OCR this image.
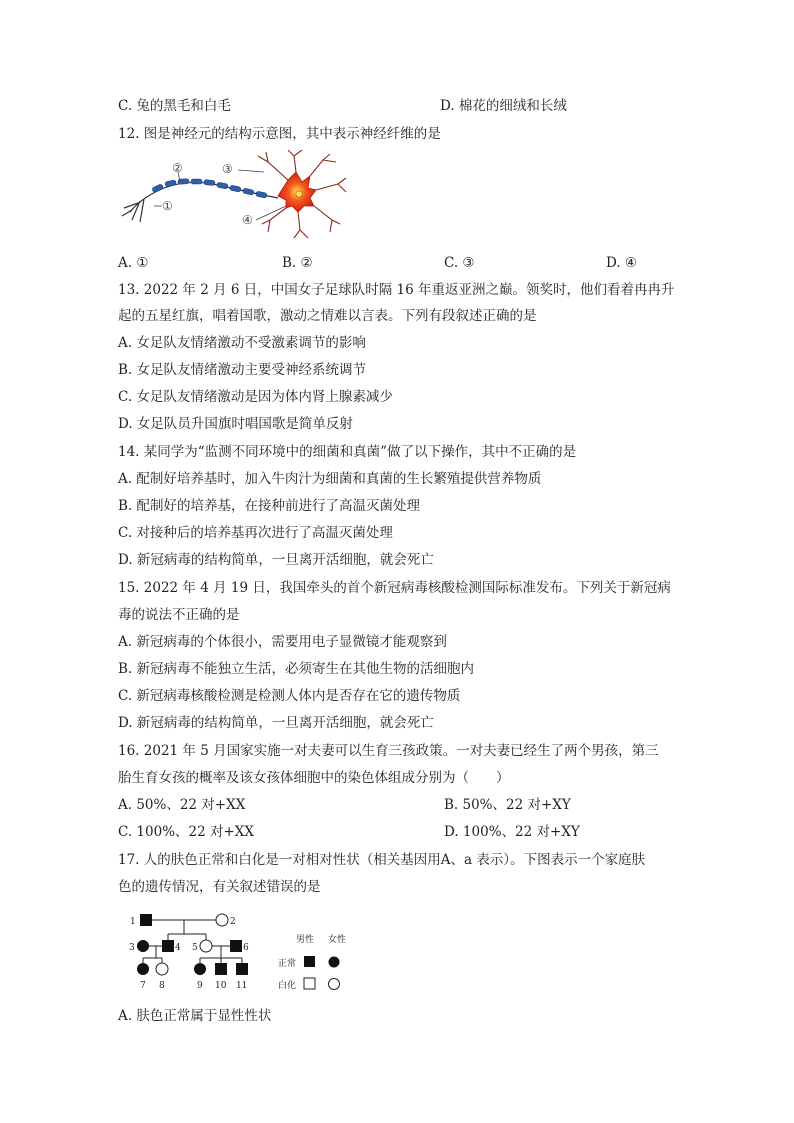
C. 兔的黑毛和白毛	D. 棉花的细绒和长绒
12. 图是神经元的结构示意图，其中表示神经纤维的是
①
②	③
④
A. ①	B. ②	C. ③	D. ④
13. 2022 年 2 月 6 日，中国女子足球队时隔 16 年重返亚洲之巅。领奖时，他们看着冉冉升
起的五星红旗，唱着国歌，激动之情难以言表。下列有段叙述正确的是
A. 女足队友情绪激动不受激素调节的影响
B. 女足队友情绪激动主要受神经系统调节
C. 女足队友情绪激动是因为体内肾上腺素减少
D. 女足队员升国旗时唱国歌是简单反射
14. 某同学为“监测不同环境中的细菌和真菌”做了以下操作，其中不正确的是
A. 配制好培养基时，加入牛肉汁为细菌和真菌的生长繁殖提供营养物质
B. 配制好的培养基，在接种前进行了高温灭菌处理
C. 对接种后的培养基再次进行了高温灭菌处理
D. 新冠病毒的结构简单，一旦离开活细胞，就会死亡
15. 2022 年 4 月 19 日，我国牵头的首个新冠病毒核酸检测国际标准发布。下列关于新冠病
毒的说法不正确的是
A. 新冠病毒的个体很小，需要用电子显微镜才能观察到
B. 新冠病毒不能独立生活，必须寄生在其他生物的活细胞内
C. 新冠病毒核酸检测是检测人体内是否存在它的遗传物质
D. 新冠病毒的结构简单，一旦离开活细胞，就会死亡
16. 2021 年 5 月国家实施一对夫妻可以生育三孩政策。一对夫妻已经生了两个男孩，第三
胎生育女孩的概率及该女孩体细胞中的染色体组成分别为（　　）
A. 50%、22 对+XX	B. 50%、22 对+XY
C. 100%、22 对+XX	D. 100%、22 对+XY
17. 人的肤色正常和白化是一对相对性状（相关基因用A、a 表示）。下图表示一个家庭肤
色的遗传情况，有关叙述错误的是
1	2
3	4 5	6
7 8	9 10 11
男性 女性
正常
白化
A. 肤色正常属于显性性状
